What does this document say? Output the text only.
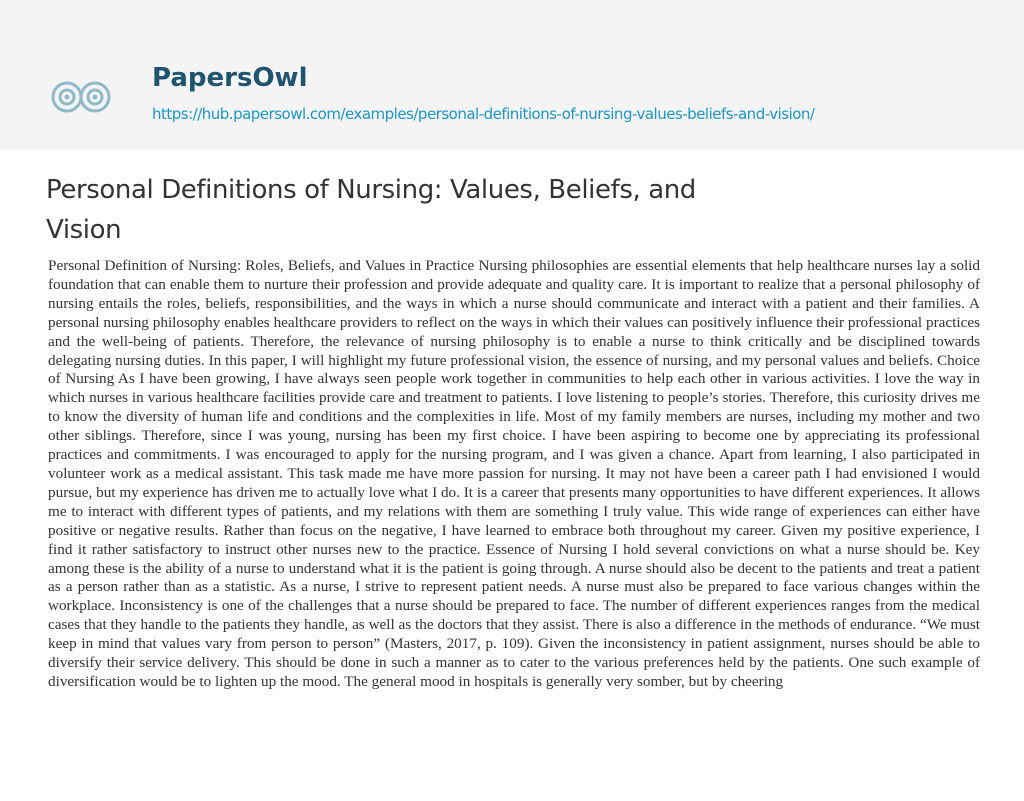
PapersOwl
https://hub.papersowl.com/examples/personal-definitions-of-nursing-values-beliefs-and-vision/
Personal Definitions of Nursing: Values, Beliefs, and Vision

Personal Definition of Nursing: Roles, Beliefs, and Values in Practice Nursing philosophies are essential elements that help healthcare nurses lay a solid foundation that can enable them to nurture their profession and provide adequate and quality care. It is important to realize that a personal philosophy of nursing entails the roles, beliefs, responsibilities, and the ways in which a nurse should communicate and interact with a patient and their families. A personal nursing philosophy enables healthcare providers to reflect on the ways in which their values can positively influence their professional practices and the well-being of patients. Therefore, the relevance of nursing philosophy is to enable a nurse to think critically and be disciplined towards delegating nursing duties. In this paper, I will highlight my future professional vision, the essence of nursing, and my personal values and beliefs. Choice of Nursing As I have been growing, I have always seen people work together in communities to help each other in various activities. I love the way in which nurses in various healthcare facilities provide care and treatment to patients. I love listening to people’s stories. Therefore, this curiosity drives me to know the diversity of human life and conditions and the complexities in life. Most of my family members are nurses, including my mother and two other siblings. Therefore, since I was young, nursing has been my first choice. I have been aspiring to become one by appreciating its professional practices and commitments. I was encouraged to apply for the nursing program, and I was given a chance. Apart from learning, I also participated in volunteer work as a medical assistant. This task made me have more passion for nursing. It may not have been a career path I had envisioned I would pursue, but my experience has driven me to actually love what I do. It is a career that presents many opportunities to have different experiences. It allows me to interact with different types of patients, and my relations with them are something I truly value. This wide range of experiences can either have positive or negative results. Rather than focus on the negative, I have learned to embrace both throughout my career. Given my positive experience, I find it rather satisfactory to instruct other nurses new to the practice. Essence of Nursing I hold several convictions on what a nurse should be. Key among these is the ability of a nurse to understand what it is the patient is going through. A nurse should also be decent to the patients and treat a patient as a person rather than as a statistic. As a nurse, I strive to represent patient needs. A nurse must also be prepared to face various changes within the workplace. Inconsistency is one of the challenges that a nurse should be prepared to face. The number of different experiences ranges from the medical cases that they handle to the patients they handle, as well as the doctors that they assist. There is also a difference in the methods of endurance. “We must keep in mind that values vary from person to person” (Masters, 2017, p. 109). Given the inconsistency in patient assignment, nurses should be able to diversify their service delivery. This should be done in such a manner as to cater to the various preferences held by the patients. One such example of diversification would be to lighten up the mood. The general mood in hospitals is generally very somber, but by cheering
